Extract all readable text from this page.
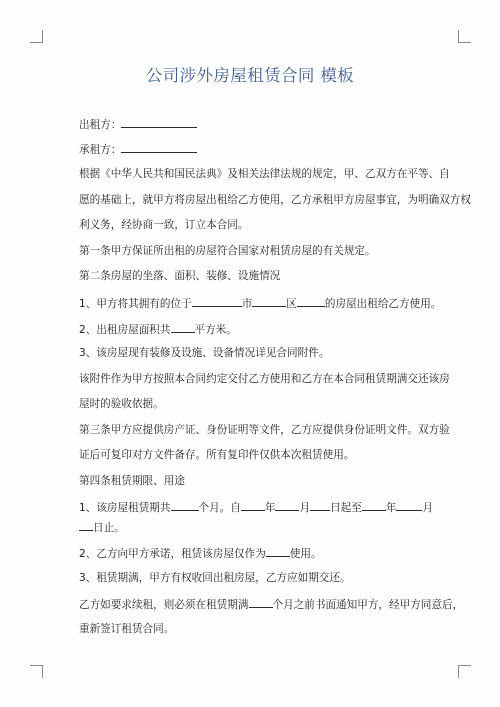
公司涉外房屋租赁合同 模板
出租方：
承租方：
根据《中华人民共和国民法典》及相关法律法规的规定，甲、乙双方在平等、自
愿的基础上，就甲方将房屋出租给乙方使用，乙方承租甲方房屋事宜，为明确双方权
利义务，经协商一致，订立本合同。
第一条甲方保证所出租的房屋符合国家对租赁房屋的有关规定。
第二条房屋的坐落、面积、装修、设施情况
1、甲方将其拥有的位于	市	区	的房屋出租给乙方使用。
2、出租房屋面积共 平方米。
3、该房屋现有装修及设施、设备情况详见合同附件。
该附件作为甲方按照本合同约定交付乙方使用和乙方在本合同租赁期满交还该房
屋时的验收依据。
第三条甲方应提供房产证、身份证明等文件，乙方应提供身份证明文件。双方验
证后可复印对方文件备存。所有复印件仅供本次租赁使用。
第四条租赁期限、用途
1、该房屋租赁期共	个月。自 年 月 日起至 年 月
日止。
2、乙方向甲方承诺，租赁该房屋仅作为 使用。
3、租赁期满，甲方有权收回出租房屋，乙方应如期交还。
乙方如要求续租，则必须在租赁期满 个月之前书面通知甲方，经甲方同意后，
重新签订租赁合同。
